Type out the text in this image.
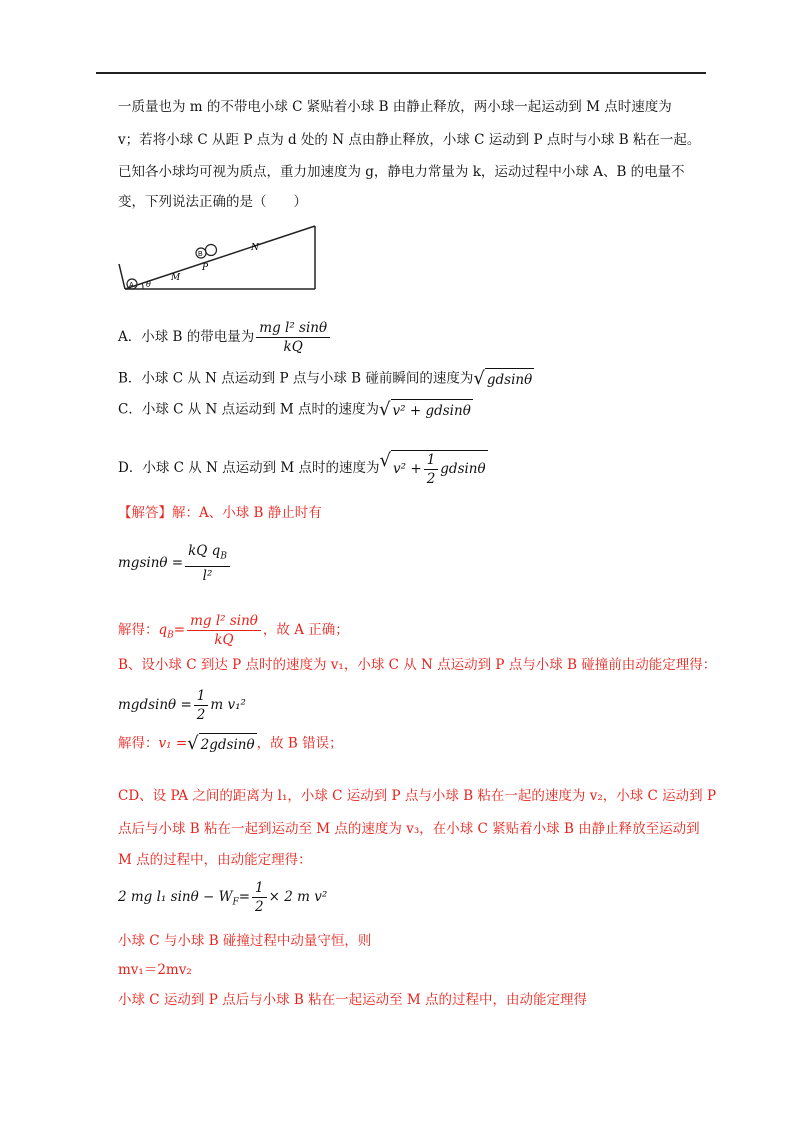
一质量也为 m 的不带电小球 C 紧贴着小球 B 由静止释放，两小球一起运动到 M 点时速度为
v；若将小球 C 从距 P 点为 d 处的 N 点由静止释放，小球 C 运动到 P 点时与小球 B 粘在一起。
已知各小球均可视为质点，重力加速度为 g，静电力常量为 k，运动过程中小球 A、B 的电量不
变，下列说法正确的是（　　）
A θ
M
B
P
N
A．小球 B 的带电量为 $\frac{\text{mg l² sinθ}}{kQ}$
B．小球 C 从 N 点运动到 P 点与小球 B 碰前瞬间的速度为 √ gdsinθ
C．小球 C 从 N 点运动到 M 点时的速度为 √ v² + gdsinθ
D．小球 C 从 N 点运动到 M 点时的速度为 √ $v^2 + \frac{1}{2}$ gdsinθ
【解答】解：A、小球 B 静止时有
$mgsin\theta = \frac{kQ q_B}{\text{l²}}$
解得：$q_B= \frac{\text{mg l² sinθ}}{kQ}$ ，故 A 正确；
B、设小球 C 到达 P 点时的速度为 v₁，小球 C 从 N 点运动到 P 点与小球 B 碰撞前由动能定理得：
$mgdsin\theta = \frac{1}{2}$ m v₁²
解得：v₁ = √ 2gdsinθ ，故 B 错误；
CD、设 PA 之间的距离为 l₁，小球 C 运动到 P 点与小球 B 粘在一起的速度为 v₂，小球 C 运动到 P
点后与小球 B 粘在一起到运动至 M 点的速度为 v₃，在小球 C 紧贴着小球 B 由静止释放至运动到
M 点的过程中，由动能定理得：
2 mg l₁ $\sin\theta - W_F= \frac{1}{2} \times 2$ m v²
小球 C 与小球 B 碰撞过程中动量守恒，则
mv₁＝2mv₂
小球 C 运动到 P 点后与小球 B 粘在一起运动至 M 点的过程中，由动能定理得
